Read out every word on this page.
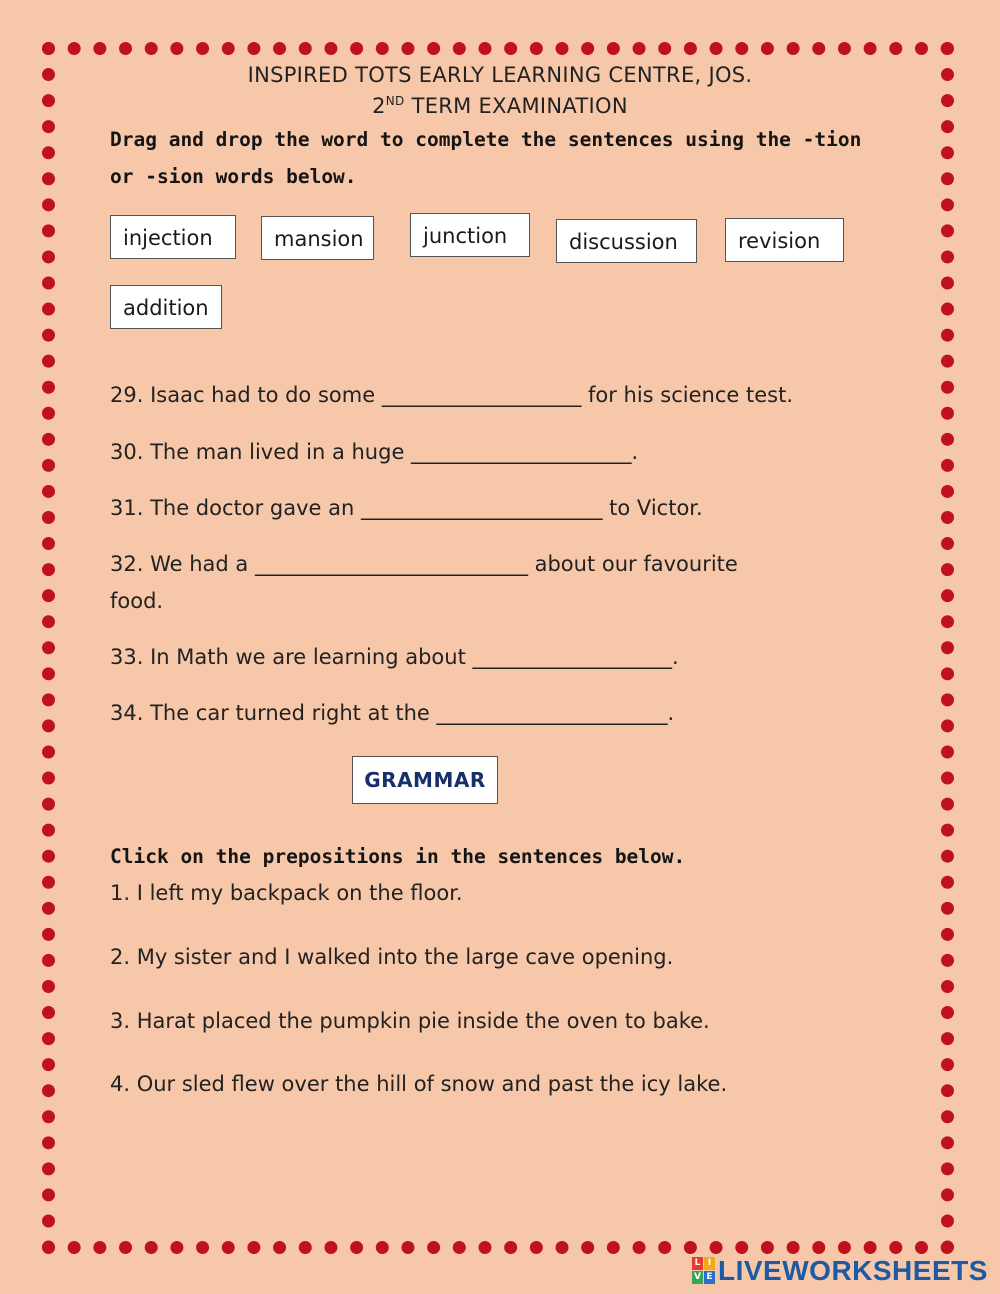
INSPIRED TOTS EARLY LEARNING CENTRE, JOS.
2ND TERM EXAMINATION
Drag and drop the word to complete the sentences using the -tion
or -sion words below.
injection	mansion	junction	discussion	revision
addition
29. Isaac had to do some ___________________ for his science test.
30. The man lived in a huge _____________________.
31. The doctor gave an _______________________ to Victor.
32. We had a __________________________ about our favourite
food.
33. In Math we are learning about ___________________.
34. The car turned right at the ______________________.
GRAMMAR
Click on the prepositions in the sentences below.
1. I left my backpack on the floor.
2. My sister and I walked into the large cave opening.
3. Harat placed the pumpkin pie inside the oven to bake.
4. Our sled flew over the hill of snow and past the icy lake.
L I
V E LIVEWORKSHEETS
